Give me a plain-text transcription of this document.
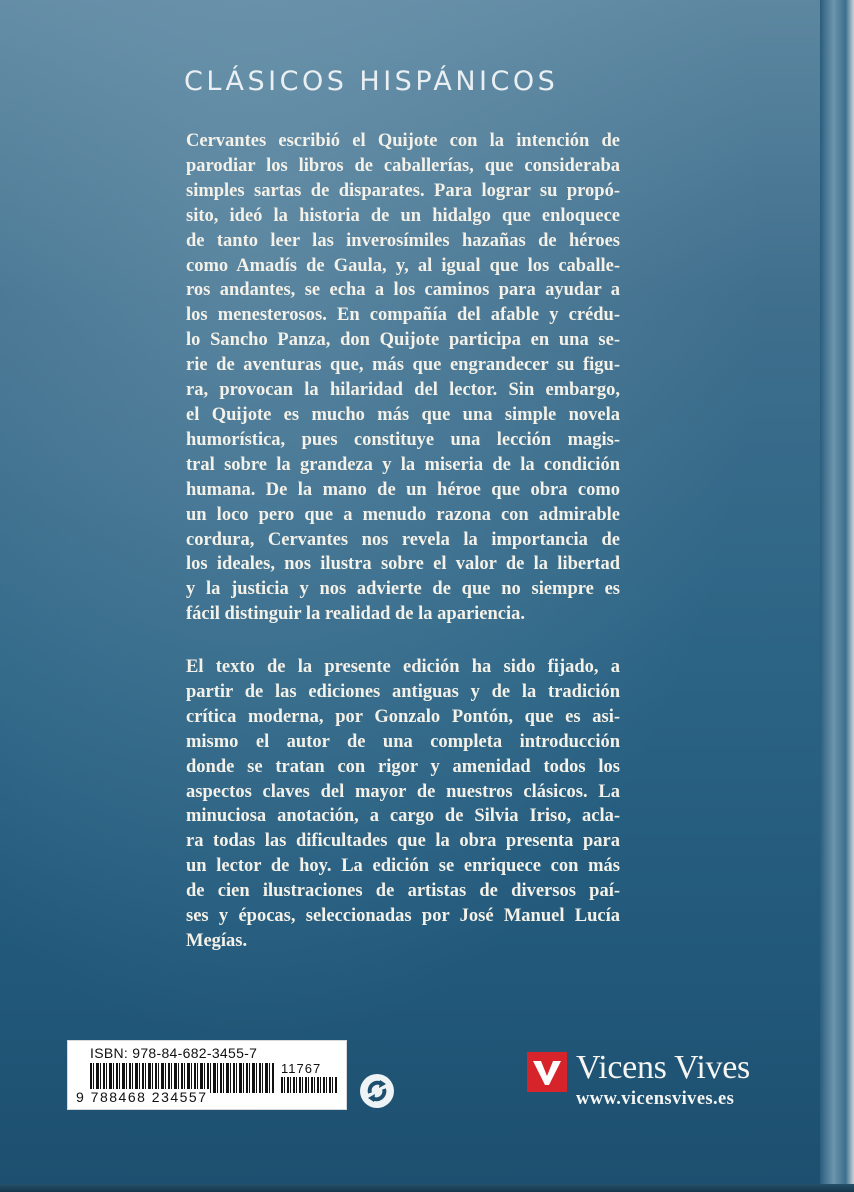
CLÁSICOS HISPÁNICOS
Cervantes escribió el Quijote con la intención de
parodiar los libros de caballerías, que consideraba
simples sartas de disparates. Para lograr su propó-
sito, ideó la historia de un hidalgo que enloquece
de tanto leer las inverosímiles hazañas de héroes
como Amadís de Gaula, y, al igual que los caballe-
ros andantes, se echa a los caminos para ayudar a
los menesterosos. En compañía del afable y crédu-
lo Sancho Panza, don Quijote participa en una se-
rie de aventuras que, más que engrandecer su figu-
ra, provocan la hilaridad del lector. Sin embargo,
el Quijote es mucho más que una simple novela
humorística, pues constituye una lección magis-
tral sobre la grandeza y la miseria de la condición
humana. De la mano de un héroe que obra como
un loco pero que a menudo razona con admirable
cordura, Cervantes nos revela la importancia de
los ideales, nos ilustra sobre el valor de la libertad
y la justicia y nos advierte de que no siempre es
fácil distinguir la realidad de la apariencia.
El texto de la presente edición ha sido fijado, a
partir de las ediciones antiguas y de la tradición
crítica moderna, por Gonzalo Pontón, que es asi-
mismo el autor de una completa introducción
donde se tratan con rigor y amenidad todos los
aspectos claves del mayor de nuestros clásicos. La
minuciosa anotación, a cargo de Silvia Iriso, acla-
ra todas las dificultades que la obra presenta para
un lector de hoy. La edición se enriquece con más
de cien ilustraciones de artistas de diversos paí-
ses y épocas, seleccionadas por José Manuel Lucía
Megías.
ISBN: 978-84-682-3455-7
11767
9 788468 234557
Vicens Vives
www.vicensvives.es
